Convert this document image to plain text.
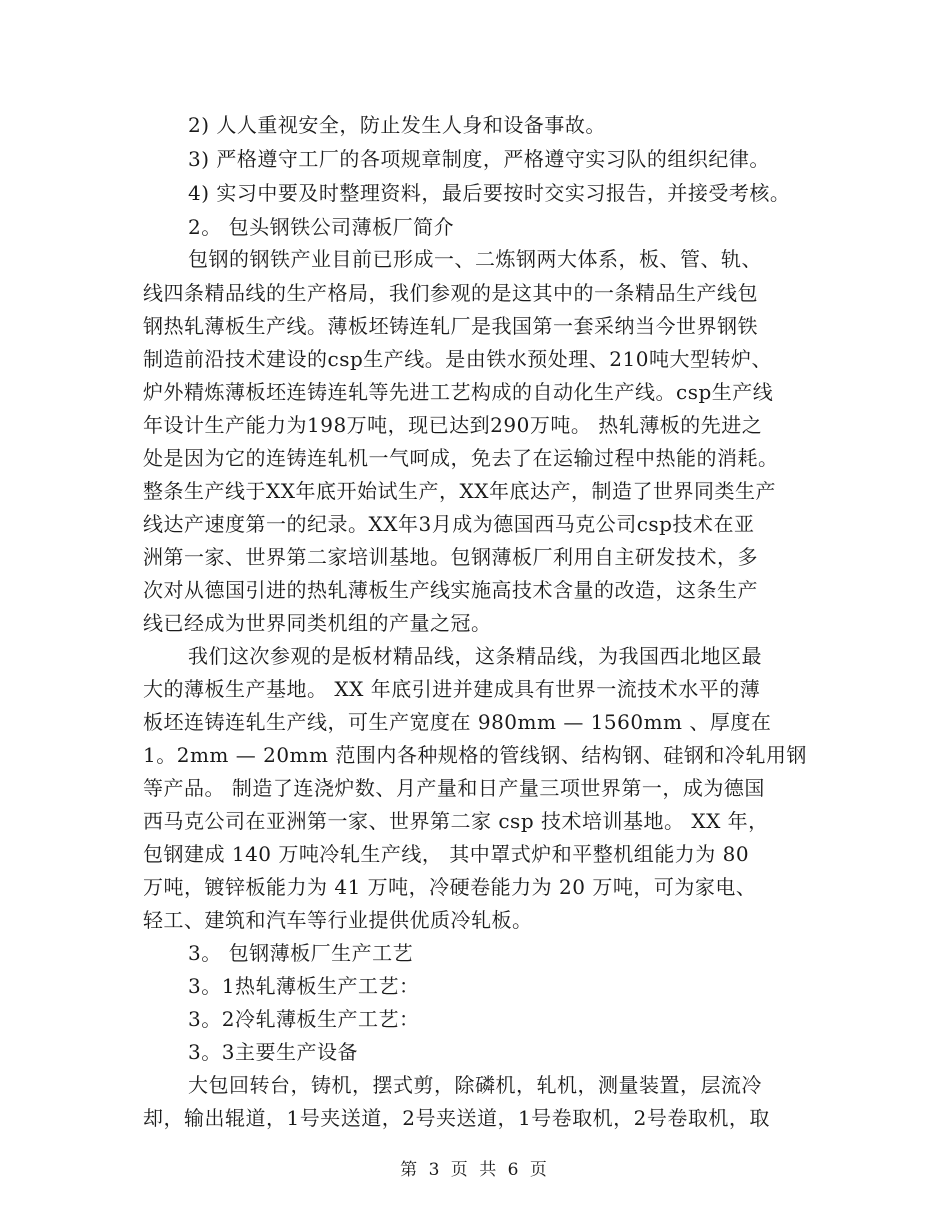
2) 人人重视安全，防止发生人身和设备事故。
3) 严格遵守工厂的各项规章制度，严格遵守实习队的组织纪律。
4) 实习中要及时整理资料，最后要按时交实习报告，并接受考核。
2。 包头钢铁公司薄板厂简介
包钢的钢铁产业目前已形成一、二炼钢两大体系，板、管、轨、
线四条精品线的生产格局，我们参观的是这其中的一条精品生产线包
钢热轧薄板生产线。薄板坯铸连轧厂是我国第一套采纳当今世界钢铁
制造前沿技术建设的csp生产线。是由铁水预处理、210吨大型转炉、
炉外精炼薄板坯连铸连轧等先进工艺构成的自动化生产线。csp生产线
年设计生产能力为198万吨，现已达到290万吨。 热轧薄板的先进之
处是因为它的连铸连轧机一气呵成，免去了在运输过程中热能的消耗。
整条生产线于XX年底开始试生产，XX年底达产，制造了世界同类生产
线达产速度第一的纪录。XX年3月成为德国西马克公司csp技术在亚
洲第一家、世界第二家培训基地。包钢薄板厂利用自主研发技术，多
次对从德国引进的热轧薄板生产线实施高技术含量的改造，这条生产
线已经成为世界同类机组的产量之冠。
我们这次参观的是板材精品线，这条精品线，为我国西北地区最
大的薄板生产基地。 XX 年底引进并建成具有世界一流技术水平的薄
板坯连铸连轧生产线，可生产宽度在 980mm — 1560mm 、厚度在
1。2mm — 20mm 范围内各种规格的管线钢、结构钢、硅钢和冷轧用钢
等产品。 制造了连浇炉数、月产量和日产量三项世界第一，成为德国
西马克公司在亚洲第一家、世界第二家 csp 技术培训基地。 XX 年，
包钢建成 140 万吨冷轧生产线， 其中罩式炉和平整机组能力为 80
万吨，镀锌板能力为 41 万吨，冷硬卷能力为 20 万吨，可为家电、
轻工、建筑和汽车等行业提供优质冷轧板。
3。 包钢薄板厂生产工艺
3。1热轧薄板生产工艺：
3。2冷轧薄板生产工艺：
3。3主要生产设备
大包回转台，铸机，摆式剪，除磷机，轧机，测量装置，层流冷
却，输出辊道，1号夹送道，2号夹送道，1号卷取机，2号卷取机，取
第 3 页 共 6 页
